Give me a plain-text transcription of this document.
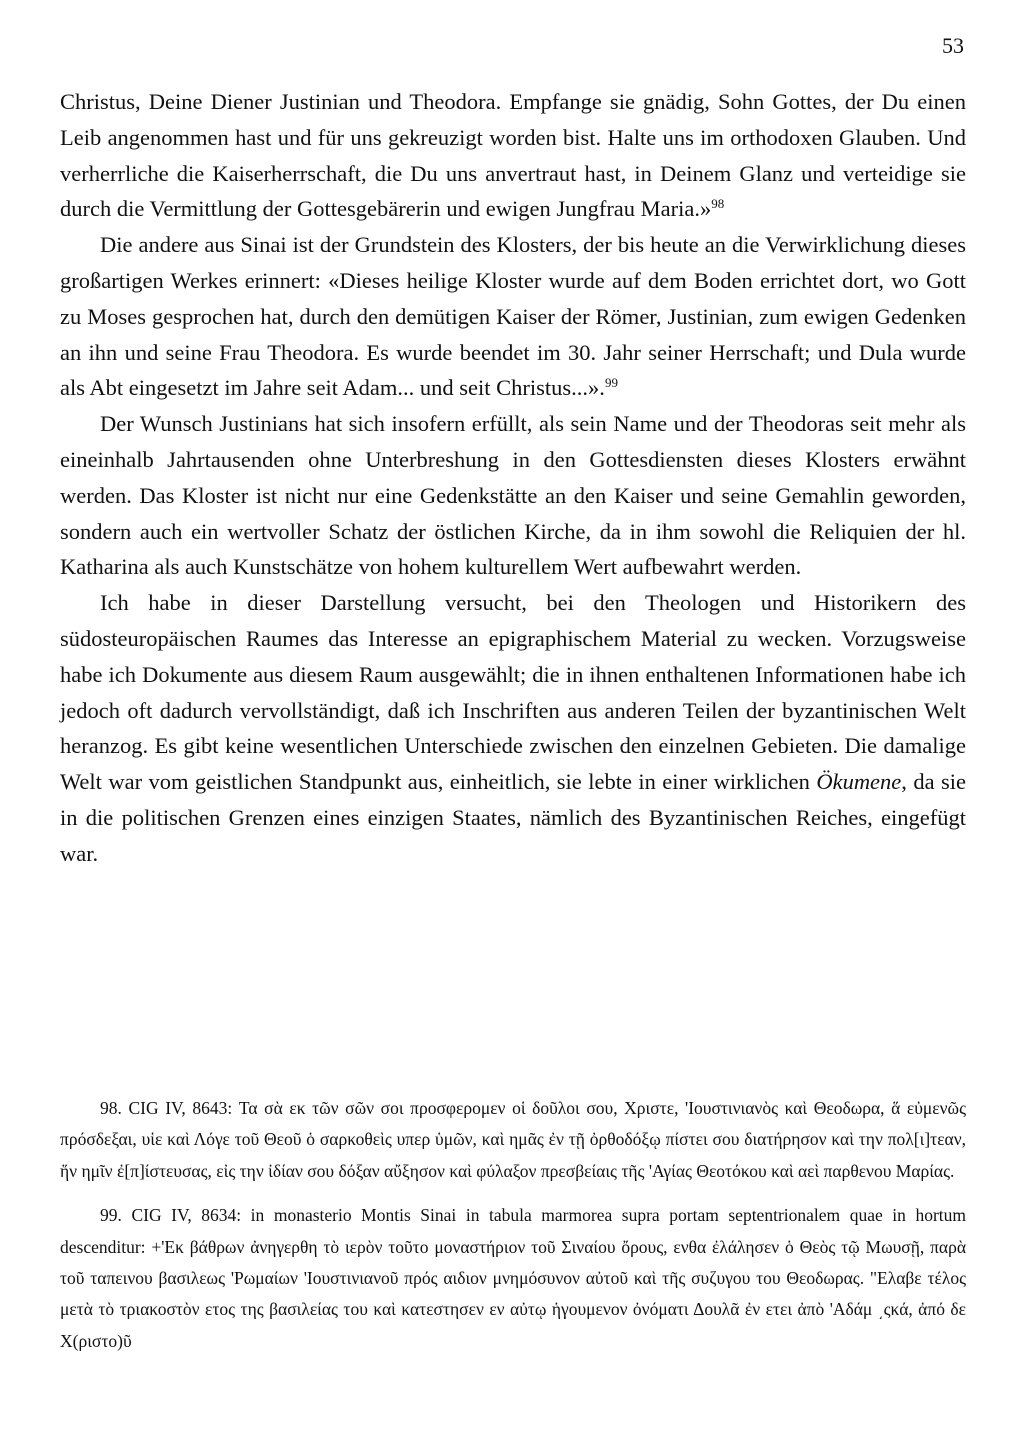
53

Christus, Deine Diener Justinian und Theodora. Empfange sie gnädig, Sohn Gottes, der Du einen Leib angenommen hast und für uns gekreuzigt worden bist. Halte uns im orthodoxen Glauben. Und verherrliche die Kaiserherrschaft, die Du uns anvertraut hast, in Deinem Glanz und verteidige sie durch die Vermittlung der Gottesgebärerin und ewigen Jungfrau Maria.»$^{98}$

Die andere aus Sinai ist der Grundstein des Klosters, der bis heute an die Verwirklichung dieses großartigen Werkes erinnert: «Dieses heilige Kloster wurde auf dem Boden errichtet dort, wo Gott zu Moses gesprochen hat, durch den demütigen Kaiser der Römer, Justinian, zum ewigen Gedenken an ihn und seine Frau Theodora. Es wurde beendet im 30. Jahr seiner Herrschaft; und Dula wurde als Abt eingesetzt im Jahre seit Adam... und seit Christus...».$^{99}$

Der Wunsch Justinians hat sich insofern erfüllt, als sein Name und der Theodoras seit mehr als eineinhalb Jahrtausenden ohne Unterbreshung in den Gottesdiensten dieses Klosters erwähnt werden. Das Kloster ist nicht nur eine Gedenkstätte an den Kaiser und seine Gemahlin geworden, sondern auch ein wertvoller Schatz der östlichen Kirche, da in ihm sowohl die Reliquien der hl. Katharina als auch Kunstschätze von hohem kulturellem Wert aufbewahrt werden.

Ich habe in dieser Darstellung versucht, bei den Theologen und Historikern des südosteuropäischen Raumes das Interesse an epigraphischem Material zu wecken. Vorzugsweise habe ich Dokumente aus diesem Raum ausgewählt; die in ihnen enthaltenen Informationen habe ich jedoch oft dadurch vervollständigt, daß ich Inschriften aus anderen Teilen der byzantinischen Welt heranzog. Es gibt keine wesentlichen Unterschiede zwischen den einzelnen Gebieten. Die damalige Welt war vom geistlichen Standpunkt aus, einheitlich, sie lebte in einer wirklichen Ökumene, da sie in die politischen Grenzen eines einzigen Staates, nämlich des Byzantinischen Reiches, eingefügt war.

98. CIG IV, 8643: Τα σὰ εκ τῶν σῶν σοι προσφερομεν οἱ δοῦλοι σου, Χριστε, 'Ιουστινιανὸς καὶ Θεοδωρα, ἅ εὐμενῶς πρόσδεξαι, υἱε καὶ Λόγε τοῦ Θεοῦ ὁ σαρκοθεὶς υπερ ὑμῶν, καὶ ημᾶς ἐν τῇ ὀρθοδόξῳ πίστει σου διατήρησον καὶ την πολ[ι]τεαν, ἥν ημῖν ἐ[π]ίστευσας, εἰς την ἰδίαν σου δόξαν αὔξησον καὶ φύλαξον πρεσβείαις τῆς 'Αγίας Θεοτόκου καὶ αεὶ παρθενου Μαρίας.

99. CIG IV, 8634: in monasterio Montis Sinai in tabula marmorea supra portam septentrionalem quae in hortum descenditur: +'Εκ βάθρων ἀνηγερθη τὸ ιερὸν τοῦτο μοναστήριον τοῦ Σιναίου ὄρους, ενθα ἐλάλησεν ὁ Θεὸς τῷ Μωυσῇ, παρὰ τοῦ ταπεινου βασιλεως 'Ρωμαίων 'Ιουστινιανοῦ πρός αιδιον μνημόσυνον αὐτοῦ καὶ τῆς συζυγου του Θεοδωρας. "Ελαβε τέλος μετὰ τὸ τριακοστὸν ετος της βασιλείας του καὶ κατεστησεν εν αὐτῳ ἡγουμενον ὀνόματι Δουλᾶ ἐν ετει ἀπὸ 'Αδάμ ͵ςκά, ἀπό δε Χ(ριστο)ῦ
